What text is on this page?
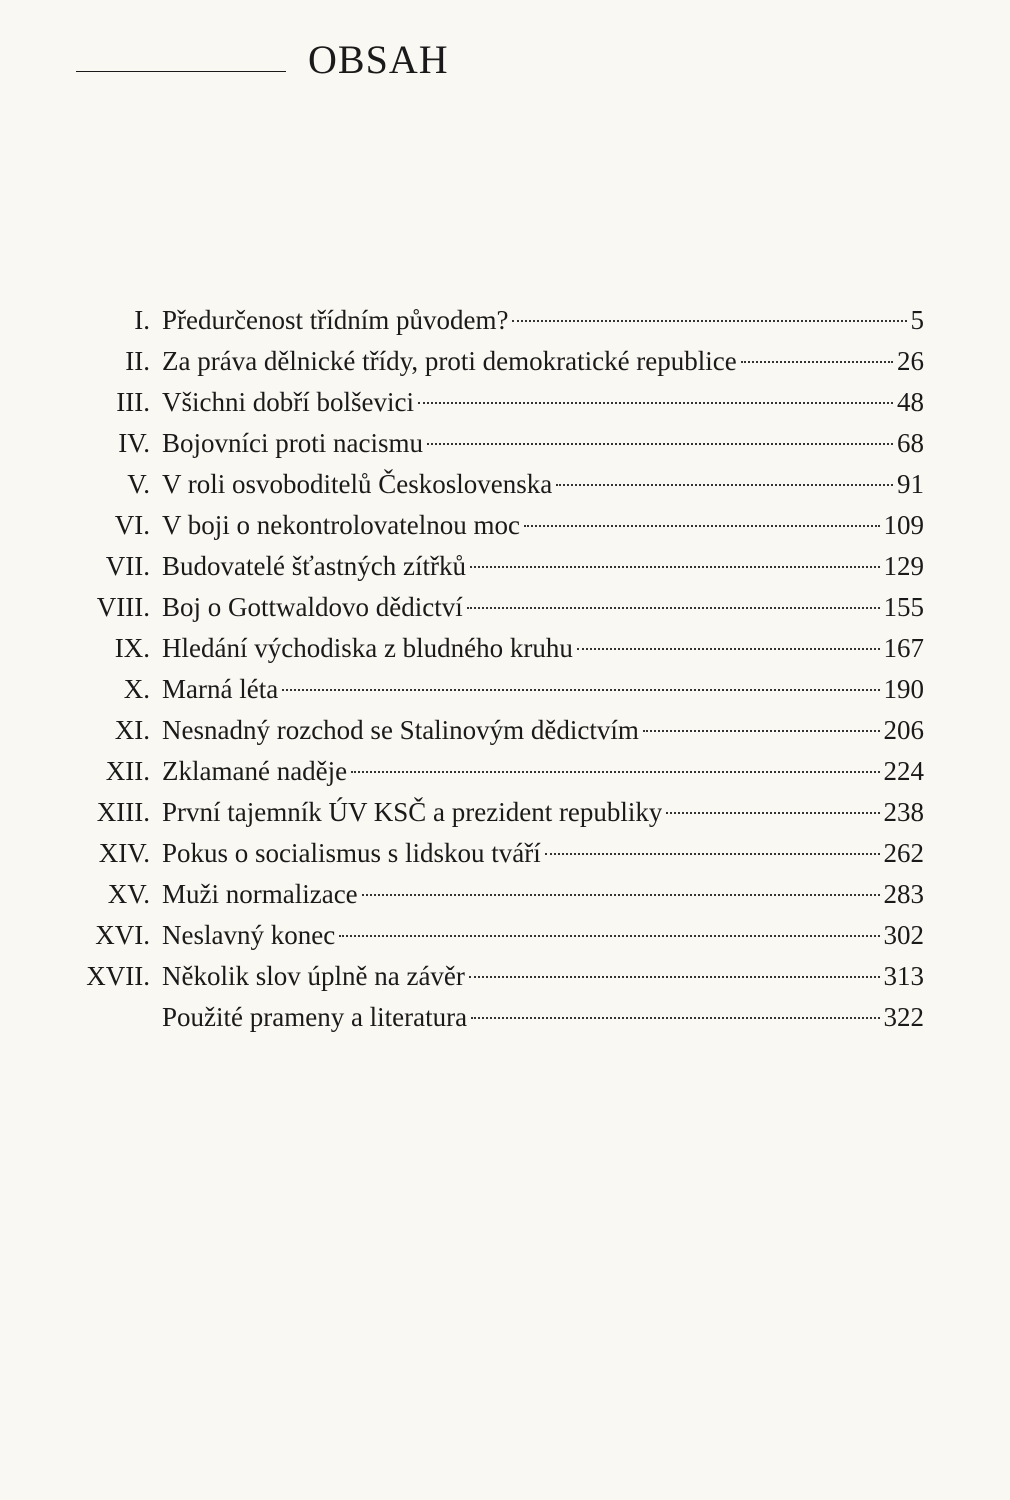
OBSAH
I. Předurčenost třídním původem?	5
II. Za práva dělnické třídy, proti demokratické republice	26
III. Všichni dobří bolševici	48
IV. Bojovníci proti nacismu	68
V. V roli osvoboditelů Československa	91
VI. V boji o nekontrolovatelnou moc	109
VII. Budovatelé šťastných zítřků	129
VIII. Boj o Gottwaldovo dědictví	155
IX. Hledání východiska z bludného kruhu	167
X. Marná léta	190
XI. Nesnadný rozchod se Stalinovým dědictvím	206
XII. Zklamané naděje	224
XIII. První tajemník ÚV KSČ a prezident republiky	238
XIV. Pokus o socialismus s lidskou tváří	262
XV. Muži normalizace	283
XVI. Neslavný konec	302
XVII. Několik slov úplně na závěr	313
Použité prameny a literatura	322
